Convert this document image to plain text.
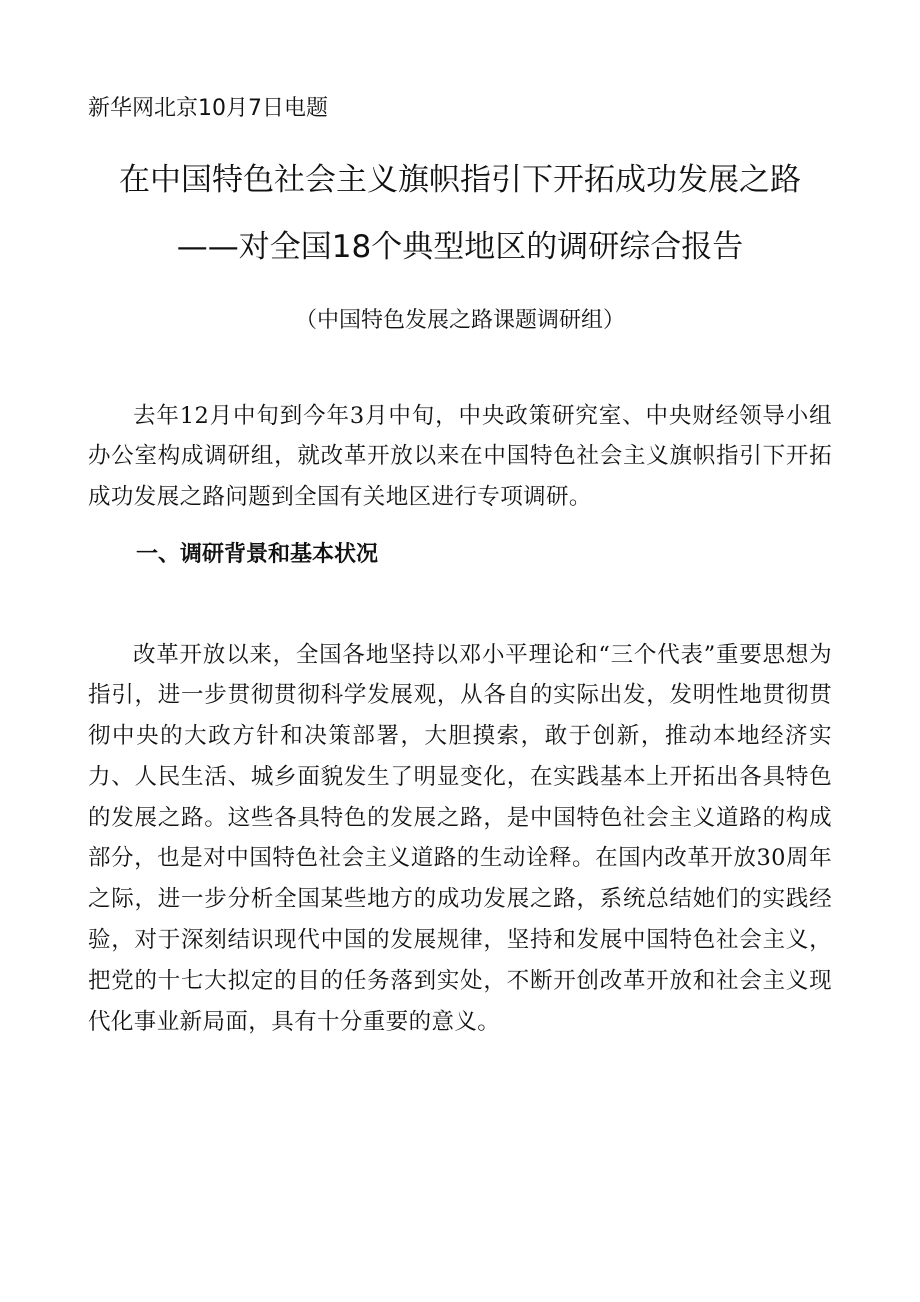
新华网北京10月7日电题
在中国特色社会主义旗帜指引下开拓成功发展之路
——对全国18个典型地区的调研综合报告
（中国特色发展之路课题调研组）

去年12月中旬到今年3月中旬，中央政策研究室、中央财经领导小组办公室构成调研组，就改革开放以来在中国特色社会主义旗帜指引下开拓成功发展之路问题到全国有关地区进行专项调研。

一、调研背景和基本状况

改革开放以来，全国各地坚持以邓小平理论和“三个代表”重要思想为指引，进一步贯彻贯彻科学发展观，从各自的实际出发，发明性地贯彻贯彻中央的大政方针和决策部署，大胆摸索，敢于创新，推动本地经济实力、人民生活、城乡面貌发生了明显变化，在实践基本上开拓出各具特色的发展之路。这些各具特色的发展之路，是中国特色社会主义道路的构成部分，也是对中国特色社会主义道路的生动诠释。在国内改革开放30周年之际，进一步分析全国某些地方的成功发展之路，系统总结她们的实践经验，对于深刻结识现代中国的发展规律，坚持和发展中国特色社会主义，把党的十七大拟定的目的任务落到实处，不断开创改革开放和社会主义现代化事业新局面，具有十分重要的意义。
